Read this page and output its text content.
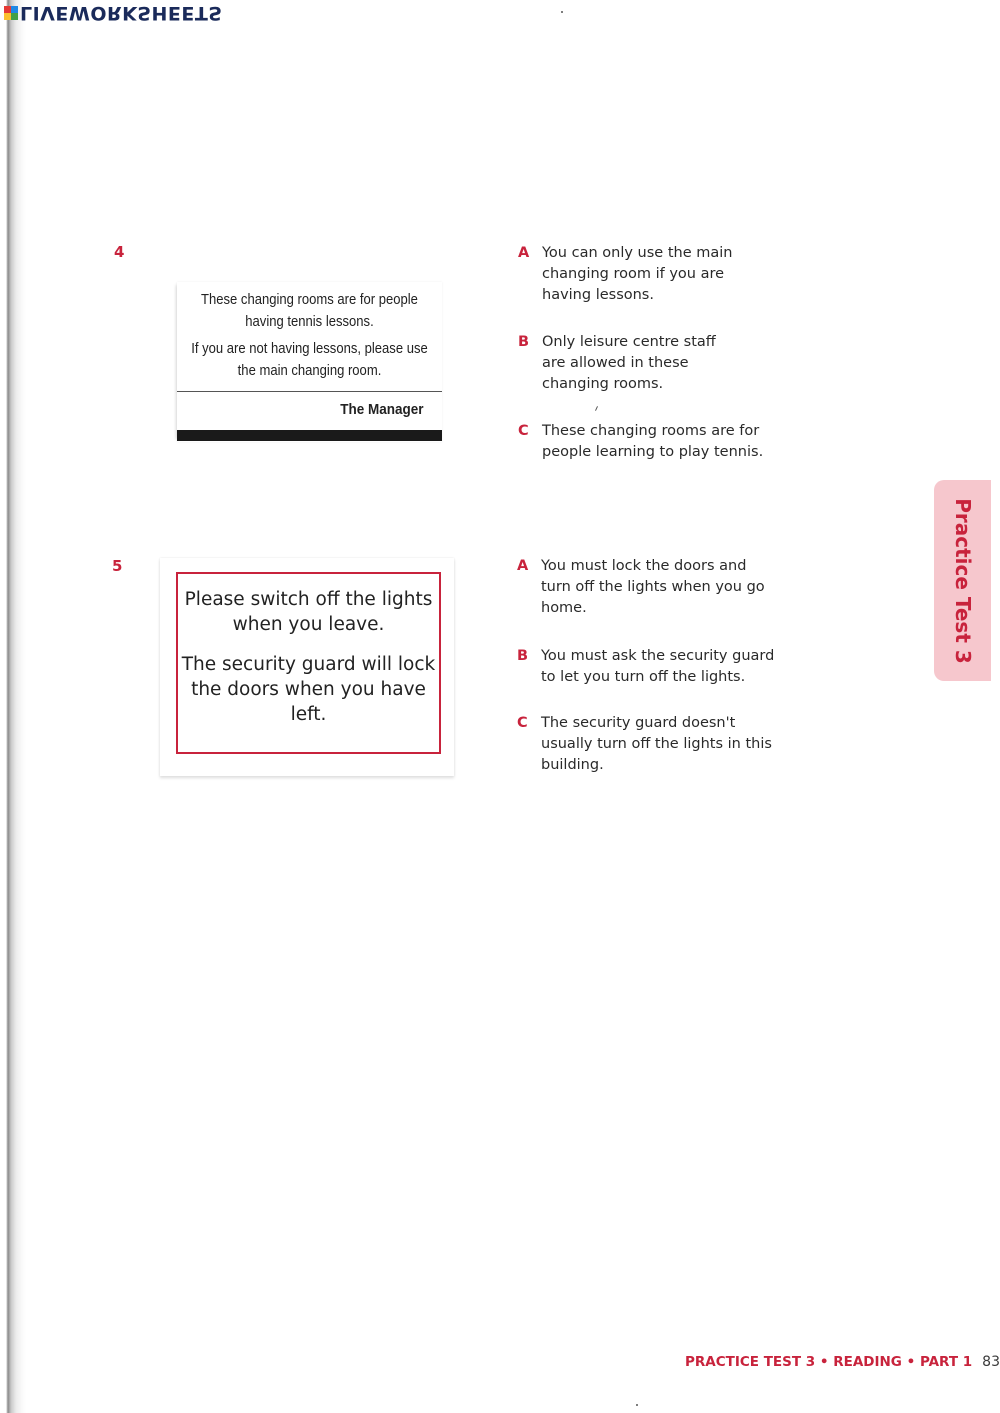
LIVEWORKSHEETS
4

These changing rooms are for people having tennis lessons.

If you are not having lessons, please use the main changing room.

The Manager
A You can only use the main changing room if you are having lessons.
B Only leisure centre staff are allowed in these changing rooms.
C These changing rooms are for people learning to play tennis.
5

Please switch off the lights when you leave.

The security guard will lock the doors when you have left.

A You must lock the doors and turn off the lights when you go home.
B You must ask the security guard to let you turn off the lights.
C The security guard doesn't usually turn off the lights in this building.
Practice Test 3
PRACTICE TEST 3 • READING • PART 1 83
